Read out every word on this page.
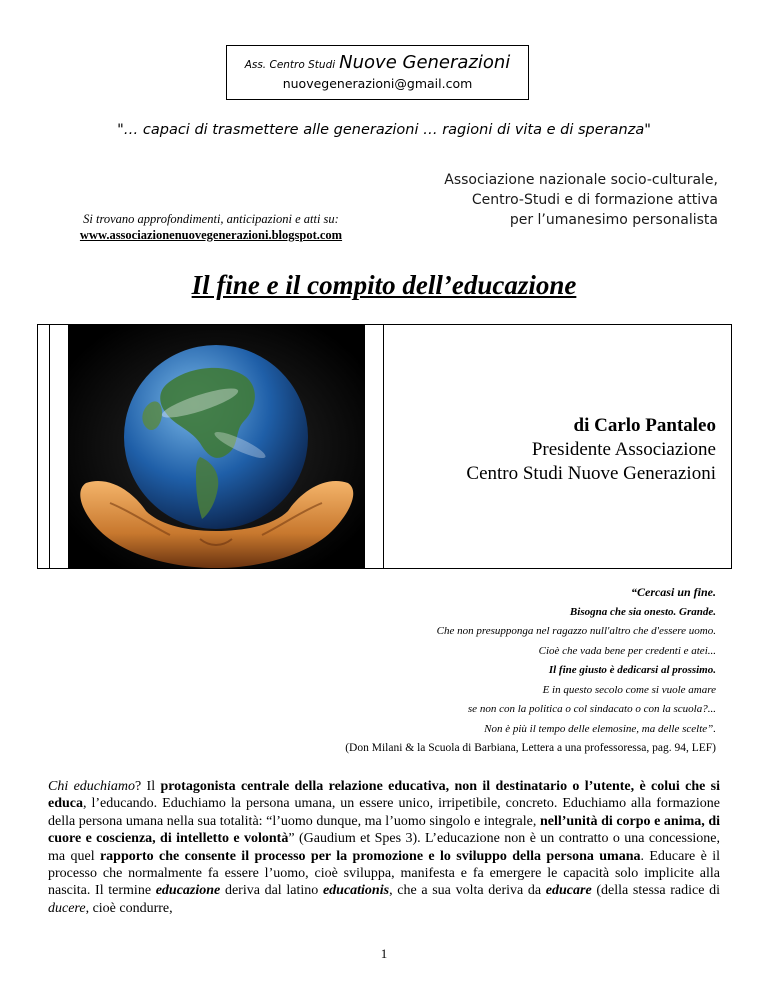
Ass. Centro Studi Nuove Generazioni
nuovegenerazioni@gmail.com
"… capaci di trasmettere alle generazioni … ragioni di vita e di speranza"
Associazione nazionale socio-culturale,
Centro-Studi e di formazione attiva
per l’umanesimo personalista
Si trovano approfondimenti, anticipazioni e atti su:
www.associazionenuovegenerazioni.blogspot.com
Il fine e il compito dell’educazione
di Carlo Pantaleo
Presidente Associazione
Centro Studi Nuove Generazioni
“Cercasi un fine.
Bisogna che sia onesto. Grande.
Che non presupponga nel ragazzo null'altro che d'essere uomo.
Cioè che vada bene per credenti e atei...
Il fine giusto è dedicarsi al prossimo.
E in questo secolo come si vuole amare
se non con la politica o col sindacato o con la scuola?...
Non è più il tempo delle elemosine, ma delle scelte”.
(Don Milani & la Scuola di Barbiana, Lettera a una professoressa, pag. 94, LEF)
Chi educhiamo? Il protagonista centrale della relazione educativa, non il destinatario o l’utente, è colui che si educa, l’educando. Educhiamo la persona umana, un essere unico, irripetibile, concreto. Educhiamo alla formazione della persona umana nella sua totalità: “l’uomo dunque, ma l’uomo singolo e integrale, nell’unità di corpo e anima, di cuore e coscienza, di intelletto e volontà” (Gaudium et Spes 3). L’educazione non è un contratto o una concessione, ma quel rapporto che consente il processo per la promozione e lo sviluppo della persona umana. Educare è il processo che normalmente fa essere l’uomo, cioè sviluppa, manifesta e fa emergere le capacità solo implicite alla nascita. Il termine educazione deriva dal latino educationis, che a sua volta deriva da educare (della stessa radice di ducere, cioè condurre,
1
